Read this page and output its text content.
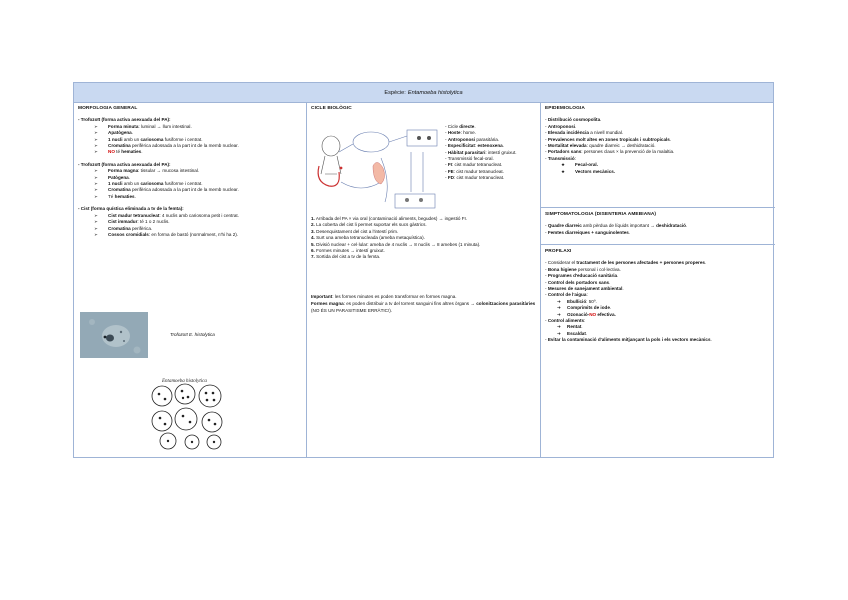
Espècie: Entamoeba histolytica
MORFOLOGIA GENERAL
- Trofozoït (forma activa asexuada del PA):
➢ Forma minuta: luminal → llum intestinal.
➢ Apatògena.
➢ 1 nucli amb un cariosoma fusiforme i centrat.
➢ Cromatina perifèrica adossada a la part int de la memb nuclear.
➢ NO té hematies.
- Trofozoït (forma activa asexuada del PA):
➢ Forma magna: tissular → mucosa intestinal.
➢ Patògena.
➢ 1 nucli amb un cariosoma fusiforme i centrat.
➢ Cromatina perifèrica adossada a la part int de la memb nuclear.
➢ Té hematies.
- Cist (forma quística eliminada a tv de la femta):
➢ Cist madur tetranucleat: 4 nuclis amb cariosoma petit i centrat.
➢ Cist immadur: té 1 o 2 nuclis.
➢ Cromatina perifèrica.
➢ Cossos cromidials: en forma de bastó (normalment, n'hi ha 2).
Trofozoït E. histolytica
Entamoeba histolytica
CICLE BIOLÒGIC
- Cicle directe.
- Hoste: home.
- Antroponosi parasitària.
- Especificitat: estenoxena.
- Hàbitat parasitari: intestí gruixut.
- Transmissió fecal-oral.
- FI: cist madur tetranucleat.
- FE: cist madur tetranucleat.
- FD: cist madur tetranucleat.
1. Arribada del PA × via oral (contaminació aliments, begudes) → ingestió FI.
2. La coberta del cist li permet suportar els sucs gàstrics.
3. Desenquistament del cist a l'intestí prim.
4. Surt una ameba tetranucleada (ameba metaquística).
5. Divisió nuclear + cel·lular: ameba de 4 nuclis → 8 nuclis → 8 amebes (1 minuta).
6. Formes minutes → intestí gruixut.
7. Sortida del cist a tv de la femta.
Important: les formes minutes es poden transformar en formes magna.
Formes magna: es poden distribuir a tv del torrent sanguini fins altres òrgans → colonitzacions parasitàries (NO ÉS UN PARASITISME ERRÀTIC!).
EPIDEMIOLOGIA
- Distribució cosmopolita.
- Antroponosi.
- Elevada incidència a nivell mundial.
- Prevalences molt altes en zones tropicals i subtropicals.
- Mortalitat elevada: quadre diarreic → deshidratació.
- Portadors sans: persones claus × la prevenció de la malaltia.
- Transmissió:
★ Fecal-oral.
★ Vectors mecànics.
SIMPTOMATOLOGIA (DISENTERIA AMEBIANA)
- Quadre diarreic amb pèrdua de líquids important → deshidratació.
- Femtes diarreiques + sanguinolentes.
PROFILAXI
- Considerar el tractament de les persones afectades + persones properes.
- Bona higiene personal i col·lectiva.
- Programes d'educació sanitària.
- Control dels portadors sans.
- Mesures de sanejament ambiental.
- Control de l'aigua:
➔ Ebullició: 50º.
➔ Comprimits de iode.
➔ Ozonació-NO efectiva.
- Control aliments:
➔ Rentat.
➔ Escaldat.
- Evitar la contaminació d'aliments mitjançant la pols i els vectors mecànics.
